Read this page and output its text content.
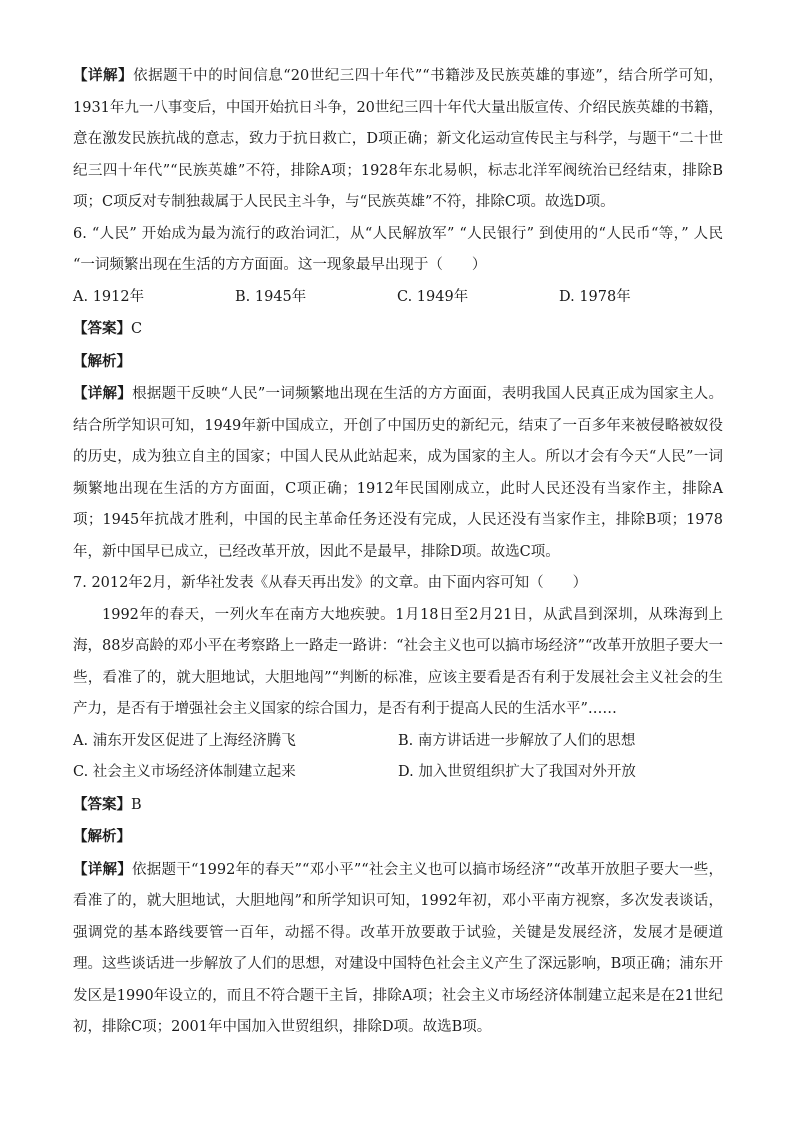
【详解】依据题干中的时间信息“20世纪三四十年代”“书籍涉及民族英雄的事迹”，结合所学可知，1931年九一八事变后，中国开始抗日斗争，20世纪三四十年代大量出版宣传、介绍民族英雄的书籍，意在激发民族抗战的意志，致力于抗日救亡，D项正确；新文化运动宣传民主与科学，与题干“二十世纪三四十年代”“民族英雄”不符，排除A项；1928年东北易帜，标志北洋军阀统治已经结束，排除B项；C项反对专制独裁属于人民民主斗争，与“民族英雄”不符，排除C项。故选D项。

6. “人民” 开始成为最为流行的政治词汇，从“人民解放军” “人民银行” 到使用的“人民币“等，” 人民 “一词频繁出现在生活的方方面面。这一现象最早出现于（　　）

A. 1912年	B. 1945年	C. 1949年	D. 1978年

【答案】C

【解析】

【详解】根据题干反映“人民”一词频繁地出现在生活的方方面面，表明我国人民真正成为国家主人。结合所学知识可知，1949年新中国成立，开创了中国历史的新纪元，结束了一百多年来被侵略被奴役的历史，成为独立自主的国家；中国人民从此站起来，成为国家的主人。所以才会有今天“人民”一词频繁地出现在生活的方方面面，C项正确；1912年民国刚成立，此时人民还没有当家作主，排除A项；1945年抗战才胜利，中国的民主革命任务还没有完成，人民还没有当家作主，排除B项；1978年，新中国早已成立，已经改革开放，因此不是最早，排除D项。故选C项。

7. 2012年2月，新华社发表《从春天再出发》的文章。由下面内容可知（　　）

1992年的春天，一列火车在南方大地疾驶。1月18日至2月21日，从武昌到深圳，从珠海到上海，88岁高龄的邓小平在考察路上一路走一路讲：“社会主义也可以搞市场经济”“改革开放胆子要大一些，看准了的，就大胆地试，大胆地闯”“判断的标准，应该主要看是否有利于发展社会主义社会的生产力，是否有于增强社会主义国家的综合国力，是否有利于提高人民的生活水平”……

A. 浦东开发区促进了上海经济腾飞	B. 南方讲话进一步解放了人们的思想
C. 社会主义市场经济体制建立起来	D. 加入世贸组织扩大了我国对外开放

【答案】B

【解析】

【详解】依据题干“1992年的春天”“邓小平”“社会主义也可以搞市场经济”“改革开放胆子要大一些，看准了的，就大胆地试，大胆地闯”和所学知识可知，1992年初，邓小平南方视察，多次发表谈话，强调党的基本路线要管一百年，动摇不得。改革开放要敢于试验，关键是发展经济，发展才是硬道理。这些谈话进一步解放了人们的思想，对建设中国特色社会主义产生了深远影响，B项正确；浦东开发区是1990年设立的，而且不符合题干主旨，排除A项；社会主义市场经济体制建立起来是在21世纪初，排除C项；2001年中国加入世贸组织，排除D项。故选B项。
